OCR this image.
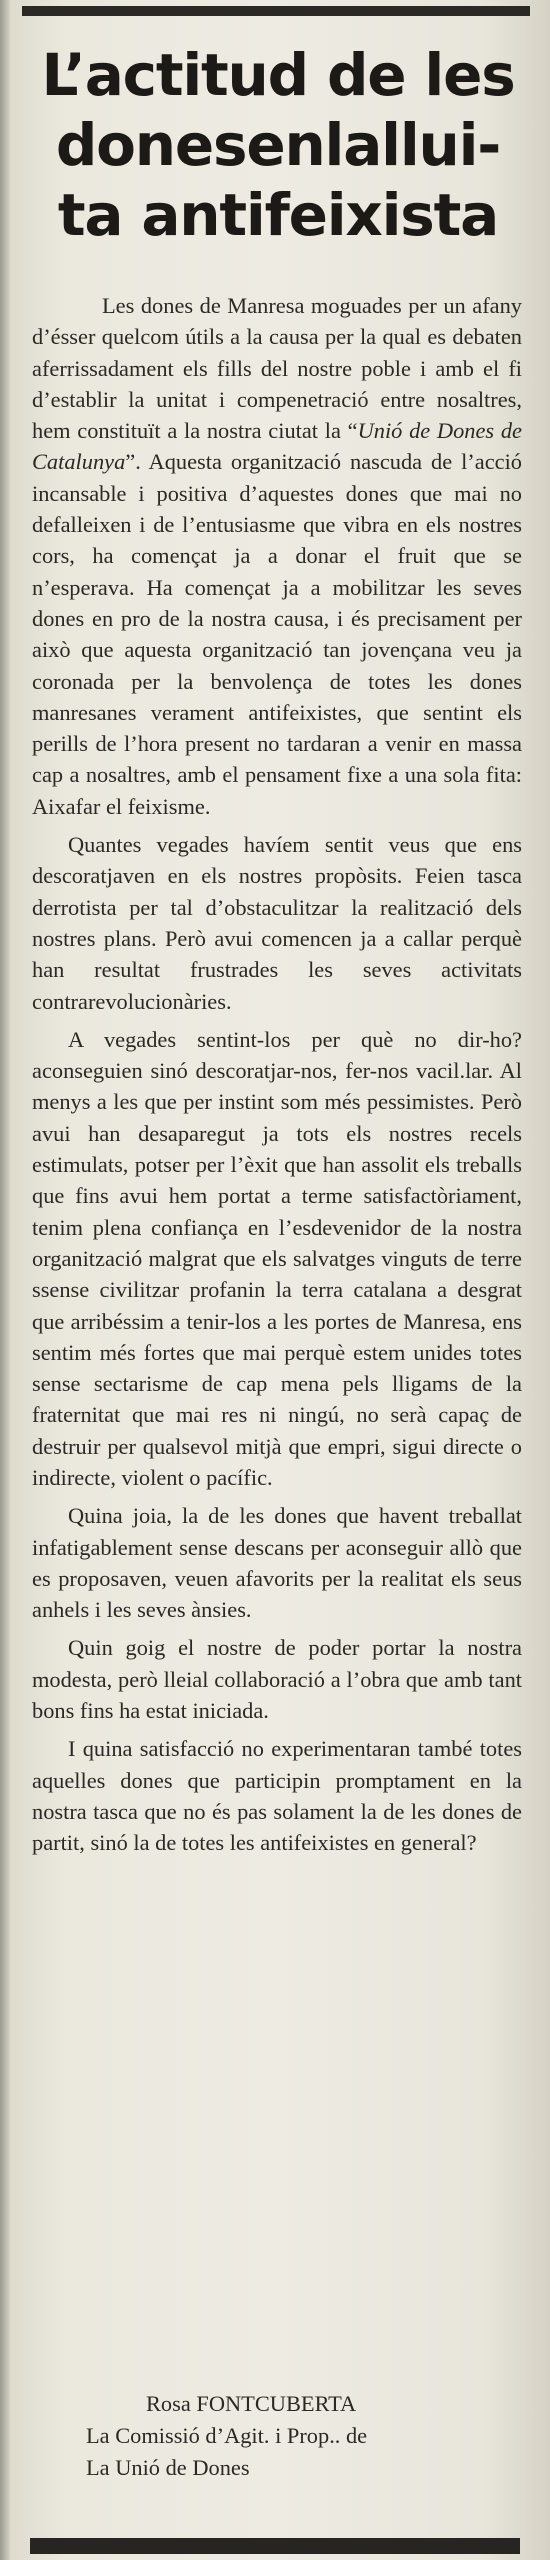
L’actitud de les
donesenlallui-
ta antifeixista

Les dones de Manresa moguades per un afany d’ésser quelcom útils a la causa per la qual es debaten aferrissadament els fills del nostre poble i amb el fi d’establir la unitat i compenetració entre nosaltres, hem constituït a la nostra ciutat la “Unió de Dones de Catalunya”. Aquesta organització nascuda de l’acció incansable i positiva d’aquestes dones que mai no defalleixen i de l’entusiasme que vibra en els nostres cors, ha començat ja a donar el fruit que se n’esperava. Ha començat ja a mobilitzar les seves dones en pro de la nostra causa, i és precisament per això que aquesta organització tan jovençana veu ja coronada per la benvolença de totes les dones manresanes verament antifeixistes, que sentint els perills de l’hora present no tardaran a venir en massa cap a nosaltres, amb el pensament fixe a una sola fita: Aixafar el feixisme.

Quantes vegades havíem sentit veus que ens descoratjaven en els nostres propòsits. Feien tasca derrotista per tal d’obstaculitzar la realització dels nostres plans. Però avui comencen ja a callar perquè han resultat frustrades les seves activitats contrarevolucionàries.

A vegades sentint-los per què no dir-ho? aconseguien sinó descoratjar-nos, fer-nos vacil.lar. Al menys a les que per instint som més pessimistes. Però avui han desaparegut ja tots els nostres recels estimulats, potser per l’èxit que han assolit els treballs que fins avui hem portat a terme satisfactòriament, tenim plena confiança en l’esdevenidor de la nostra organització malgrat que els salvatges vinguts de terre ssense civilitzar profanin la terra catalana a desgrat que arribéssim a tenir-los a les portes de Manresa, ens sentim més fortes que mai perquè estem unides totes sense sectarisme de cap mena pels lligams de la fraternitat que mai res ni ningú, no serà capaç de destruir per qualsevol mitjà que empri, sigui directe o indirecte, violent o pacífic.

Quina joia, la de les dones que havent treballat infatigablement sense descans per aconseguir allò que es proposaven, veuen afavorits per la realitat els seus anhels i les seves ànsies.

Quin goig el nostre de poder portar la nostra modesta, però lleial collaboració a l’obra que amb tant bons fins ha estat iniciada.

I quina satisfacció no experimentaran també totes aquelles dones que participin promptament en la nostra tasca que no és pas solament la de les dones de partit, sinó la de totes les antifeixistes en general?

Rosa FONTCUBERTA
La Comissió d’Agit. i Prop.. de
La Unió de Dones
